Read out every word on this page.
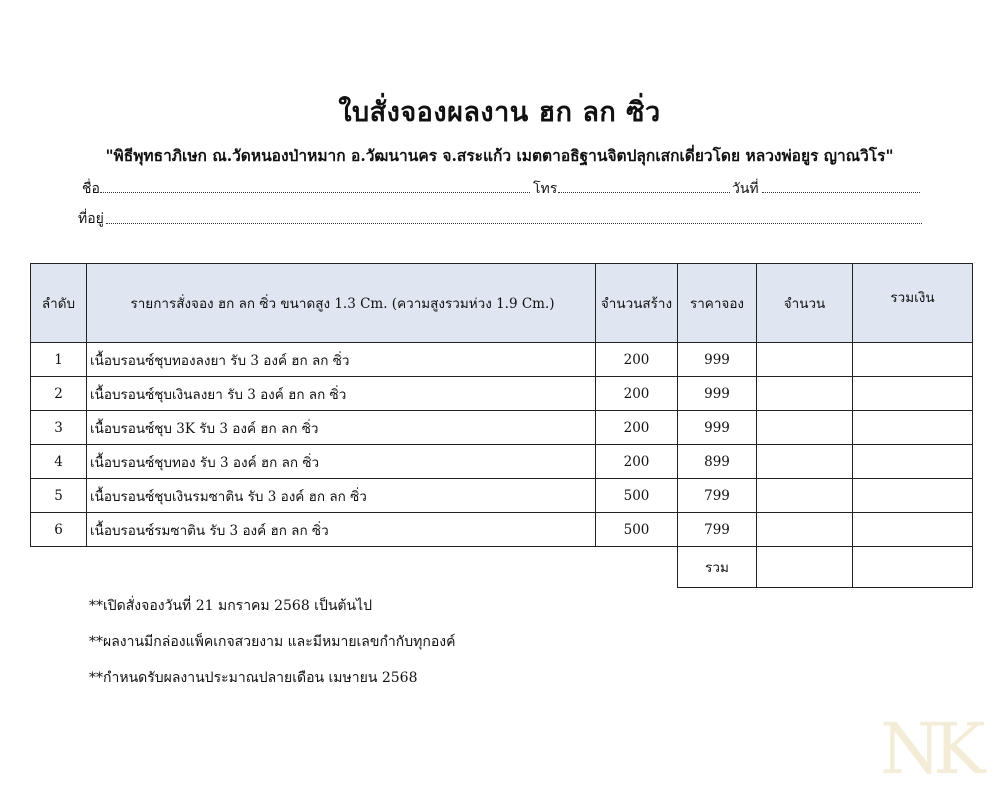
ใบสั่งจองผลงาน ฮก ลก ซิ่ว
"พิธีพุทธาภิเษก ณ.วัดหนองป่าหมาก อ.วัฒนานคร จ.สระแก้ว เมตตาอธิฐานจิตปลุกเสกเดี่ยวโดย หลวงพ่อยูร ญาณวิโร"
ชื่อ	โทร	วันที่
ที่อยู่
ลำดับ	รายการสั่งจอง ฮก ลก ซิ่ว ขนาดสูง 1.3 Cm. (ความสูงรวมห่วง 1.9 Cm.)	จำนวนสร้าง	ราคาจอง	จำนวน	รวมเงิน
1	เนื้อบรอนซ์ชุบทองลงยา รับ 3 องค์ ฮก ลก ซิ่ว	200	999		
2	เนื้อบรอนซ์ชุบเงินลงยา รับ 3 องค์ ฮก ลก ซิ่ว	200	999		
3	เนื้อบรอนซ์ชุบ 3K รับ 3 องค์ ฮก ลก ซิ่ว	200	999		
4	เนื้อบรอนซ์ชุบทอง รับ 3 องค์ ฮก ลก ซิ่ว	200	899		
5	เนื้อบรอนซ์ชุบเงินรมซาติน รับ 3 องค์ ฮก ลก ซิ่ว	500	799		
6	เนื้อบรอนซ์รมซาติน รับ 3 องค์ ฮก ลก ซิ่ว	500	799		
			รวม		
**เปิดสั่งจองวันที่ 21 มกราคม 2568 เป็นต้นไป
**ผลงานมีกล่องแพ็คเกจสวยงาม และมีหมายเลขกำกับทุกองค์
**กำหนดรับผลงานประมาณปลายเดือน เมษายน 2568
NK
